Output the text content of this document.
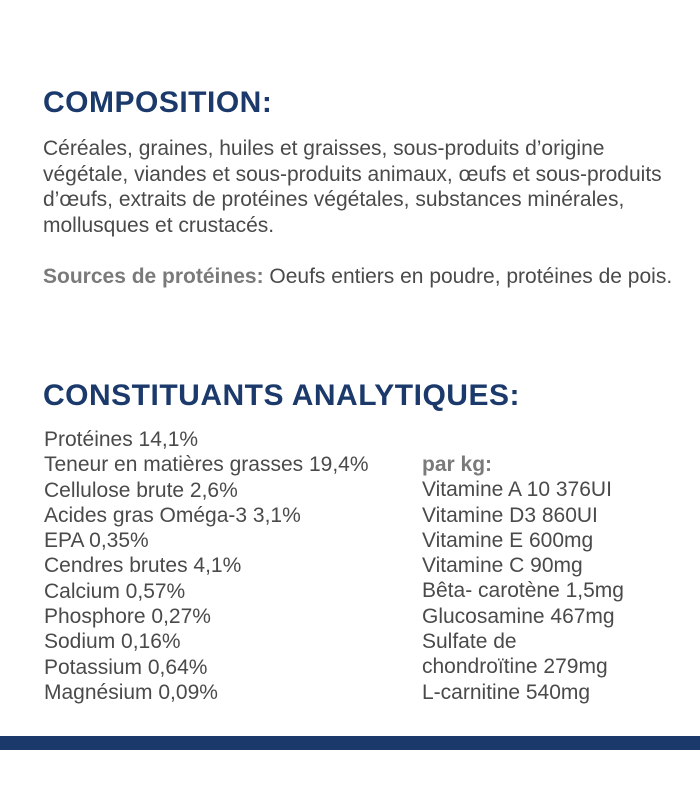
COMPOSITION:

Céréales, graines, huiles et graisses, sous-produits d’origine végétale, viandes et sous-produits animaux, œufs et sous-produits d’œufs, extraits de protéines végétales, substances minérales, mollusques et crustacés.

Sources de protéines: Oeufs entiers en poudre, protéines de pois.

CONSTITUANTS ANALYTIQUES:
Protéines 14,1%
Teneur en matières grasses 19,4%
Cellulose brute 2,6%
Acides gras Oméga-3 3,1%
EPA 0,35%
Cendres brutes 4,1%
Calcium 0,57%
Phosphore 0,27%
Sodium 0,16%
Potassium 0,64%
Magnésium 0,09%
par kg:
Vitamine A 10 376UI
Vitamine D3 860UI
Vitamine E 600mg
Vitamine C 90mg
Bêta- carotène 1,5mg
Glucosamine 467mg
Sulfate de
chondroïtine 279mg
L-carnitine 540mg
